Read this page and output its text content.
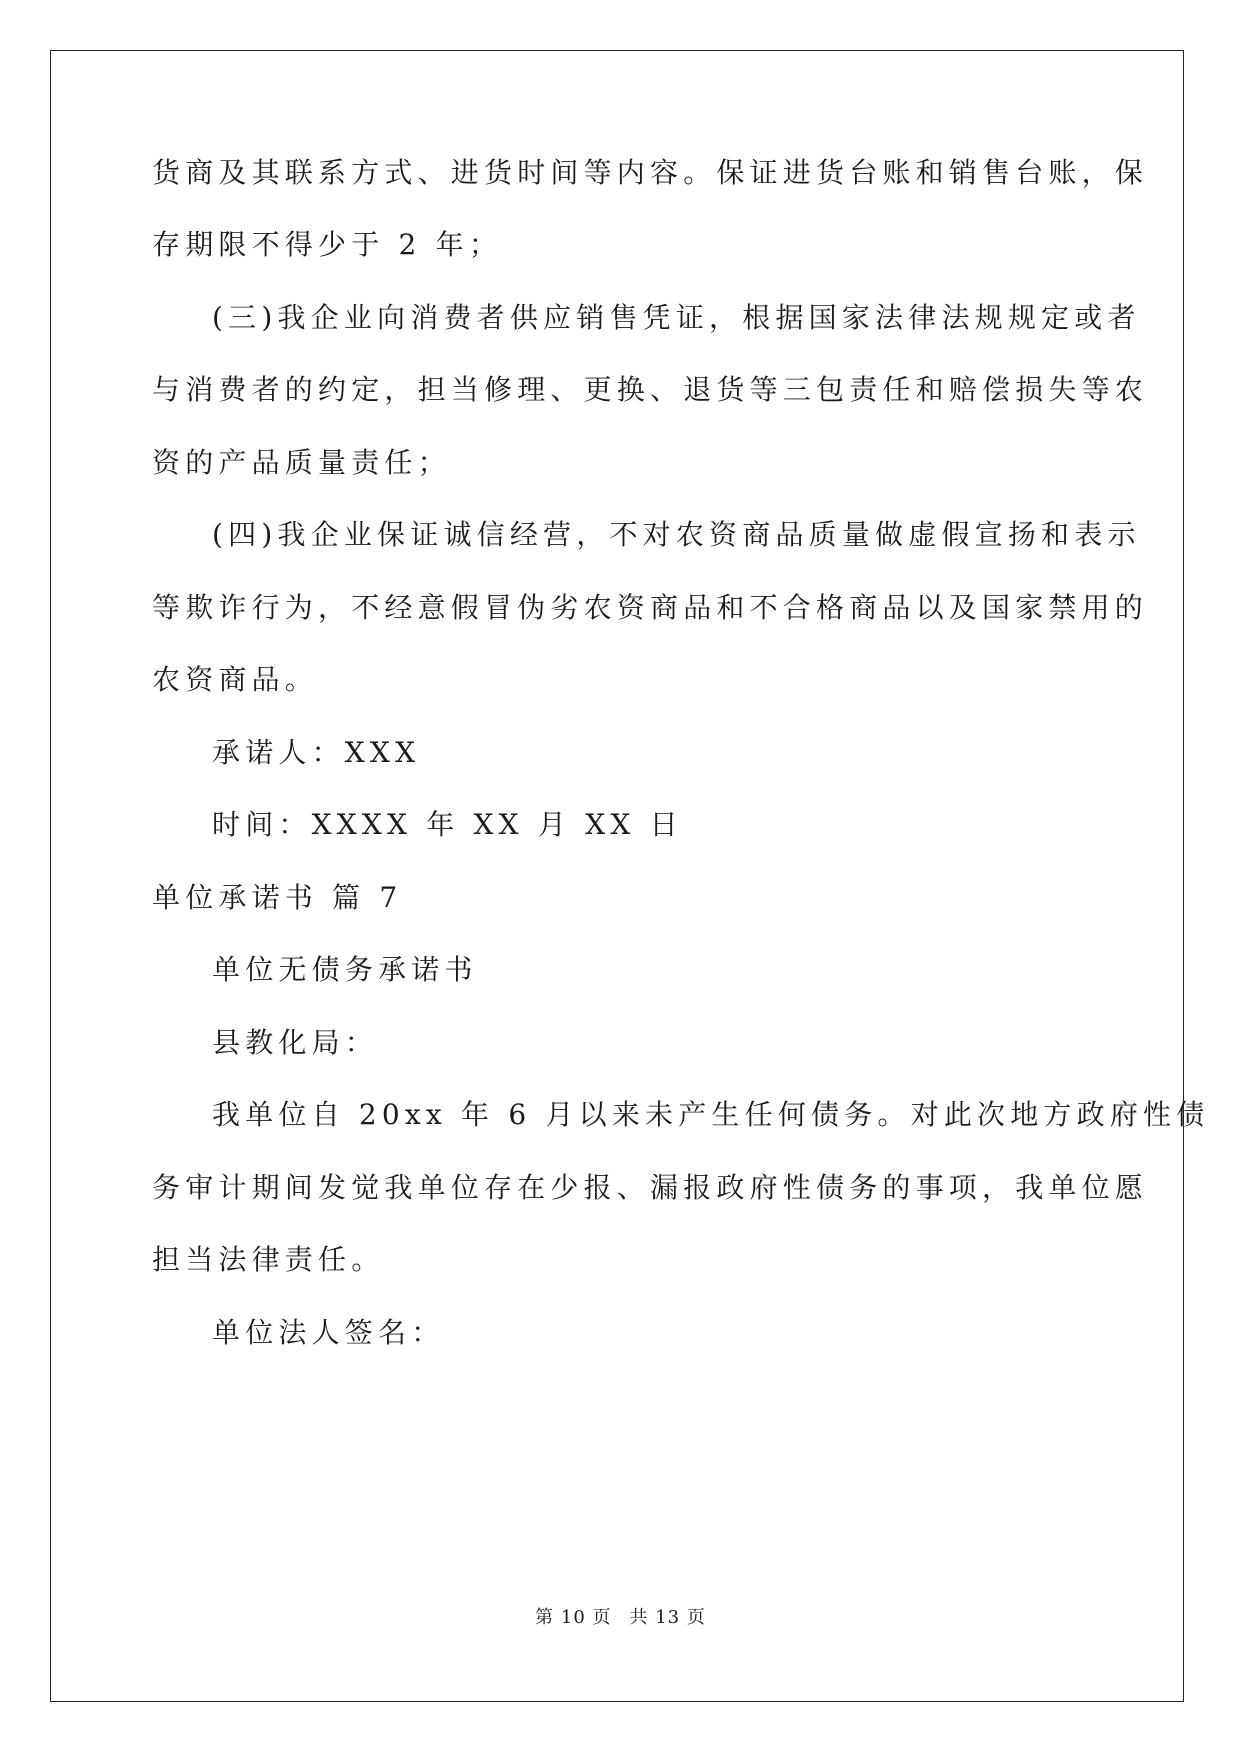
货商及其联系方式、进货时间等内容。保证进货台账和销售台账，保
存期限不得少于 2 年；
(三)我企业向消费者供应销售凭证，根据国家法律法规规定或者
与消费者的约定，担当修理、更换、退货等三包责任和赔偿损失等农
资的产品质量责任；
(四)我企业保证诚信经营，不对农资商品质量做虚假宣扬和表示
等欺诈行为，不经意假冒伪劣农资商品和不合格商品以及国家禁用的
农资商品。
承诺人：XXX
时间：XXXX 年 XX 月 XX 日
单位承诺书 篇 7
单位无债务承诺书
县教化局：
我单位自 20xx 年 6 月以来未产生任何债务。对此次地方政府性债
务审计期间发觉我单位存在少报、漏报政府性债务的事项，我单位愿
担当法律责任。
单位法人签名：
第 10 页 共 13 页
